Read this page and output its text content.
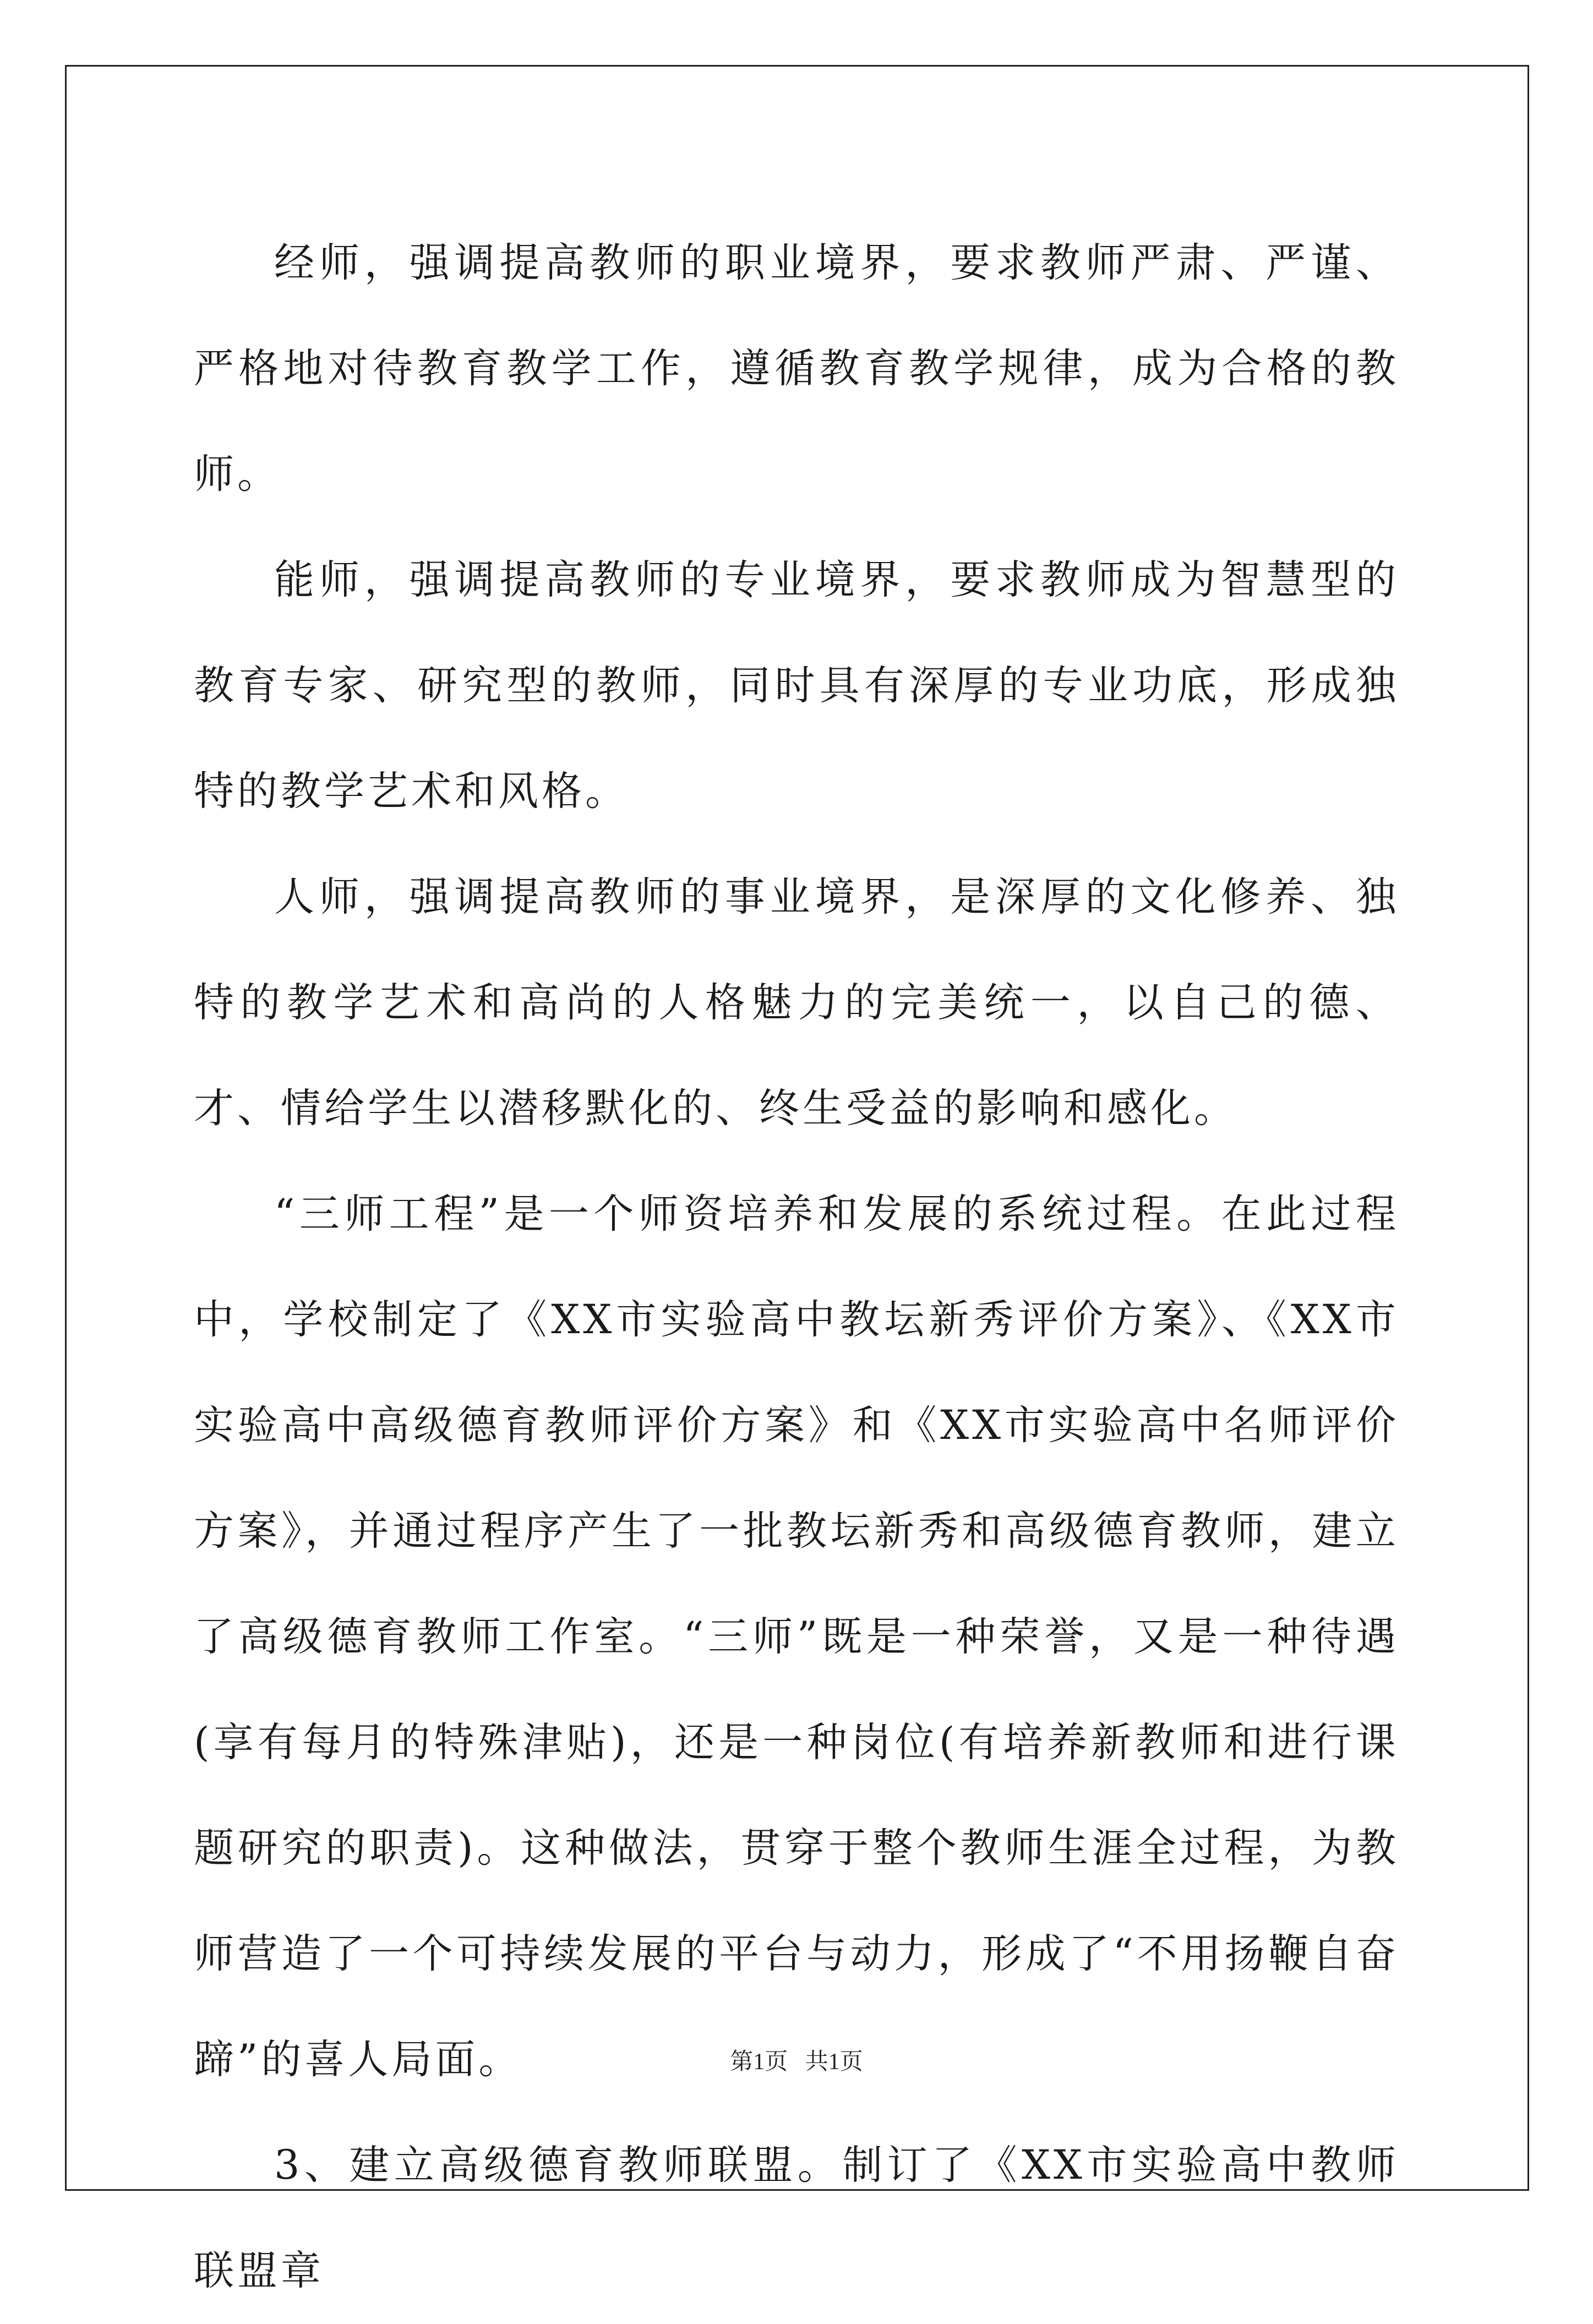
经师，强调提高教师的职业境界，要求教师严肃、严谨、严格地对待教育教学工作，遵循教育教学规律，成为合格的教师。

能师，强调提高教师的专业境界，要求教师成为智慧型的教育专家、研究型的教师，同时具有深厚的专业功底，形成独特的教学艺术和风格。

人师，强调提高教师的事业境界，是深厚的文化修养、独特的教学艺术和高尚的人格魅力的完美统一，以自己的德、才、情给学生以潜移默化的、终生受益的影响和感化。

“三师工程”是一个师资培养和发展的系统过程。在此过程中，学校制定了《XX市实验高中教坛新秀评价方案》、《XX市实验高中高级德育教师评价方案》和《XX市实验高中名师评价方案》，并通过程序产生了一批教坛新秀和高级德育教师，建立了高级德育教师工作室。“三师”既是一种荣誉，又是一种待遇(享有每月的特殊津贴)，还是一种岗位(有培养新教师和进行课题研究的职责)。这种做法，贯穿于整个教师生涯全过程，为教师营造了一个可持续发展的平台与动力，形成了“不用扬鞭自奋蹄”的喜人局面。

3、建立高级德育教师联盟。制订了《XX市实验高中教师联盟章

第1页   共1页
